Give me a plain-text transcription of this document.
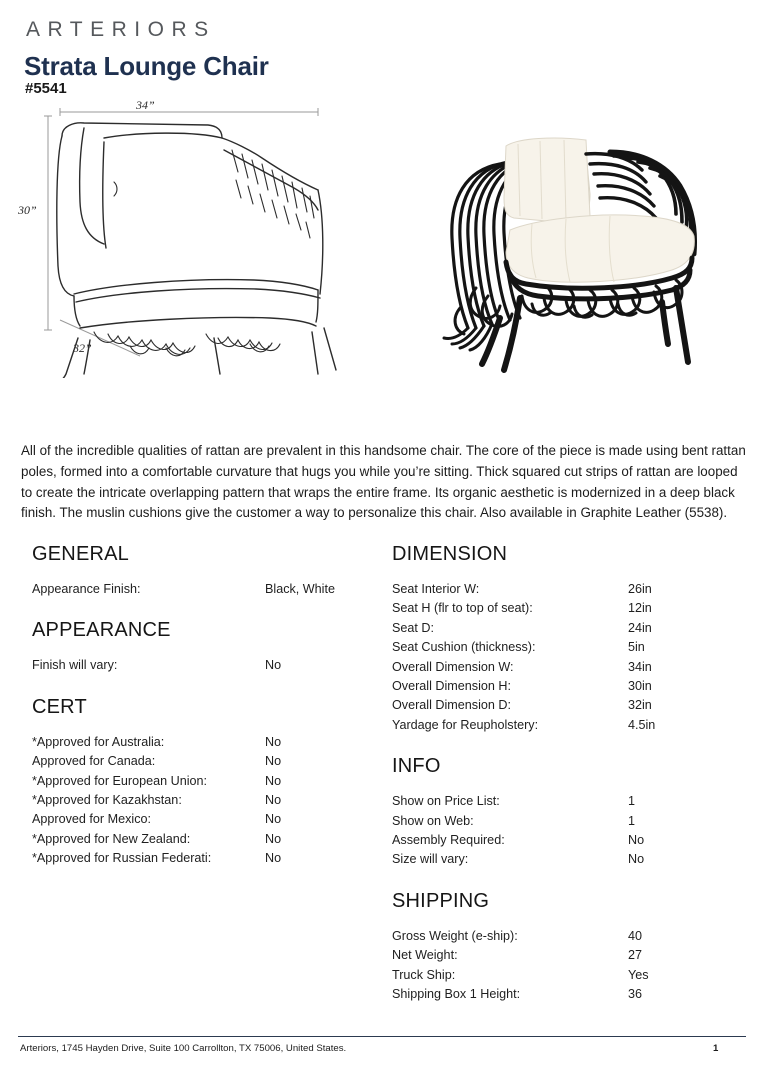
ARTERIORS
Strata Lounge Chair
#5541
34”
30”
32”

All of the incredible qualities of rattan are prevalent in this handsome chair. The core of the piece is made using bent rattan poles, formed into a comfortable curvature that hugs you while you’re sitting. Thick squared cut strips of rattan are looped to create the intricate overlapping pattern that wraps the entire frame. Its organic aesthetic is modernized in a deep black finish. The muslin cushions give the customer a way to personalize this chair. Also available in Graphite Leather (5538).

GENERAL
Appearance Finish:	Black, White
APPEARANCE
Finish will vary:	No
CERT
*Approved for Australia:	No
Approved for Canada:	No
*Approved for European Union:	No
*Approved for Kazakhstan:	No
Approved for Mexico:	No
*Approved for New Zealand:	No
*Approved for Russian Federati:	No
DIMENSION
Seat Interior W:	26in
Seat H (flr to top of seat):	12in
Seat D:	24in
Seat Cushion (thickness):	5in
Overall Dimension W:	34in
Overall Dimension H:	30in
Overall Dimension D:	32in
Yardage for Reupholstery:	4.5in
INFO
Show on Price List:	1
Show on Web:	1
Assembly Required:	No
Size will vary:	No
SHIPPING
Gross Weight (e-ship):	40
Net Weight:	27
Truck Ship:	Yes
Shipping Box 1 Height:	36
Arteriors, 1745 Hayden Drive, Suite 100 Carrollton, TX 75006, United States.	1
